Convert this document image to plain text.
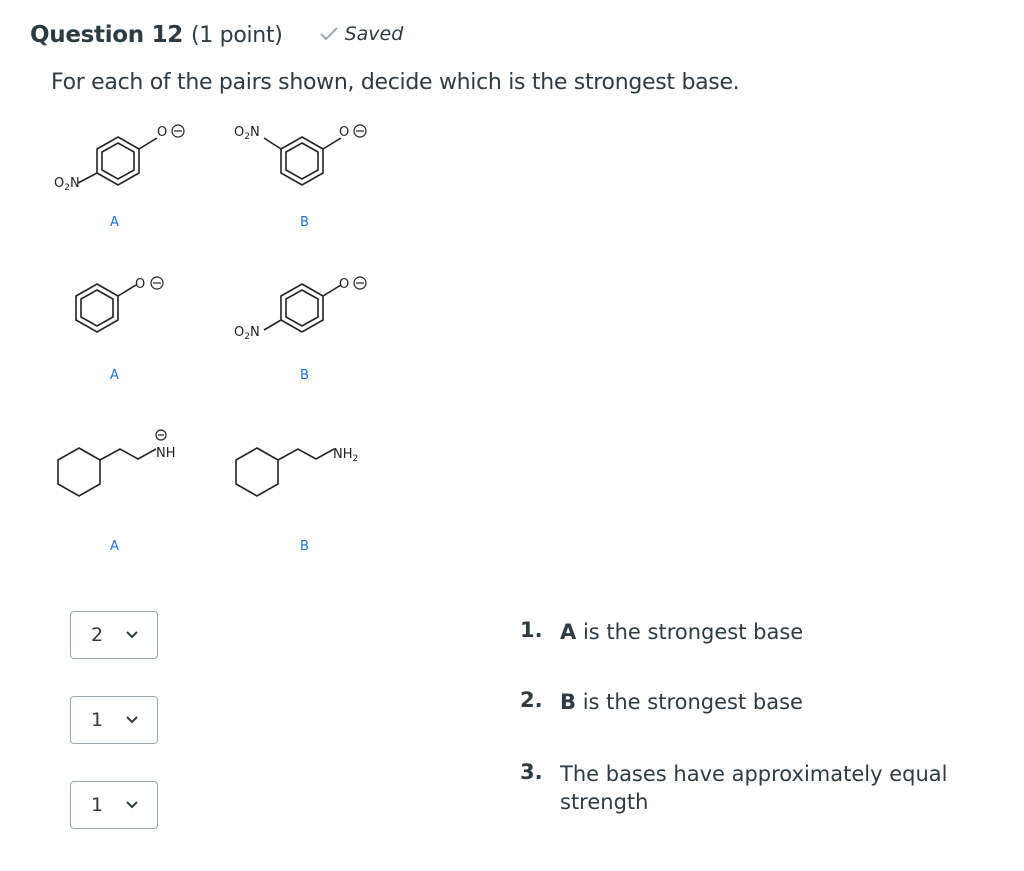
Question 12 (1 point)	Saved
For each of the pairs shown, decide which is the strongest base.
O
$O_2N$
$O_2N$	O
A	B
O	O
$O_2N$
A	B
NH	$NH_2$
A	B
2
1
1
1. A is the strongest base
2. B is the strongest base
3. The bases have approximately equal strength
